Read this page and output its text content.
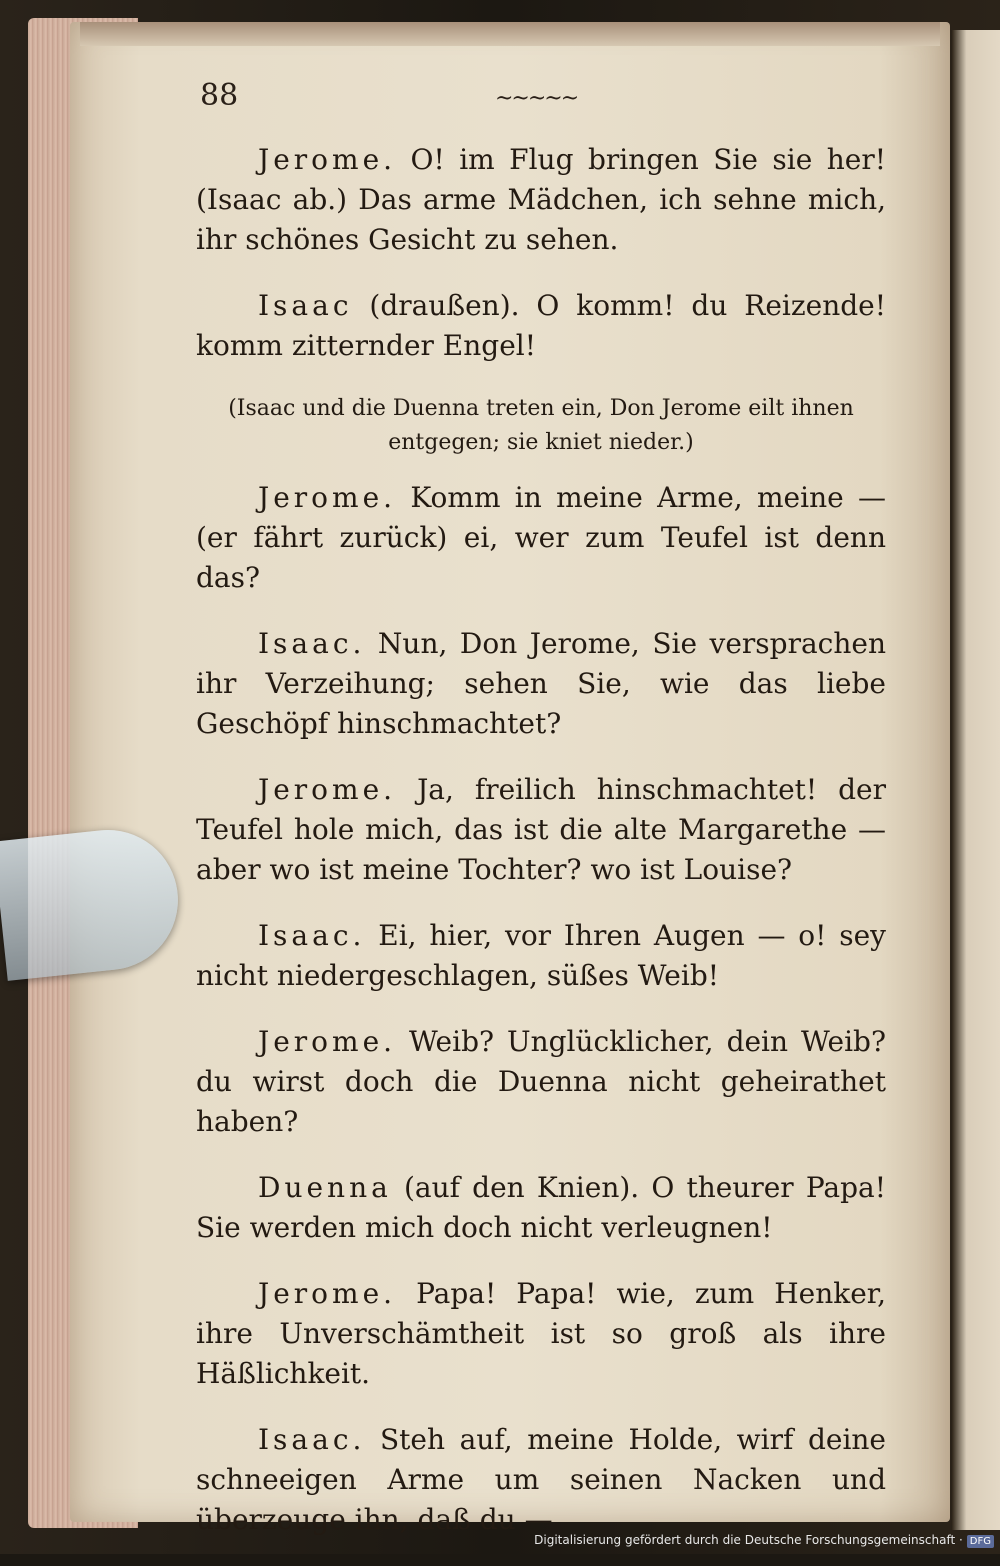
88	~~~~~

Jerome. O! im Flug bringen Sie sie her! (Isaac ab.) Das arme Mädchen, ich sehne mich, ihr schönes Gesicht zu sehen.

Isaac (draußen). O komm! du Reizende! komm zitternder Engel!

(Isaac und die Duenna treten ein, Don Jerome eilt ihnen entgegen; sie kniet nieder.)

Jerome. Komm in meine Arme, meine — (er fährt zurück) ei, wer zum Teufel ist denn das?

Isaac. Nun, Don Jerome, Sie versprachen ihr Verzeihung; sehen Sie, wie das liebe Geschöpf hinschmachtet?

Jerome. Ja, freilich hinschmachtet! der Teufel hole mich, das ist die alte Margarethe — aber wo ist meine Tochter? wo ist Louise?

Isaac. Ei, hier, vor Ihren Augen — o! sey nicht niedergeschlagen, süßes Weib!

Jerome. Weib? Unglücklicher, dein Weib? du wirst doch die Duenna nicht geheirathet haben?

Duenna (auf den Knien). O theurer Papa! Sie werden mich doch nicht verleugnen!

Jerome. Papa! Papa! wie, zum Henker, ihre Unverschämtheit ist so groß als ihre Häßlichkeit.

Isaac. Steh auf, meine Holde, wirf deine schneeigen Arme um seinen Nacken und überzeuge ihn, daß du —

Digitalisierung gefördert durch die Deutsche Forschungsgemeinschaft · DFG
